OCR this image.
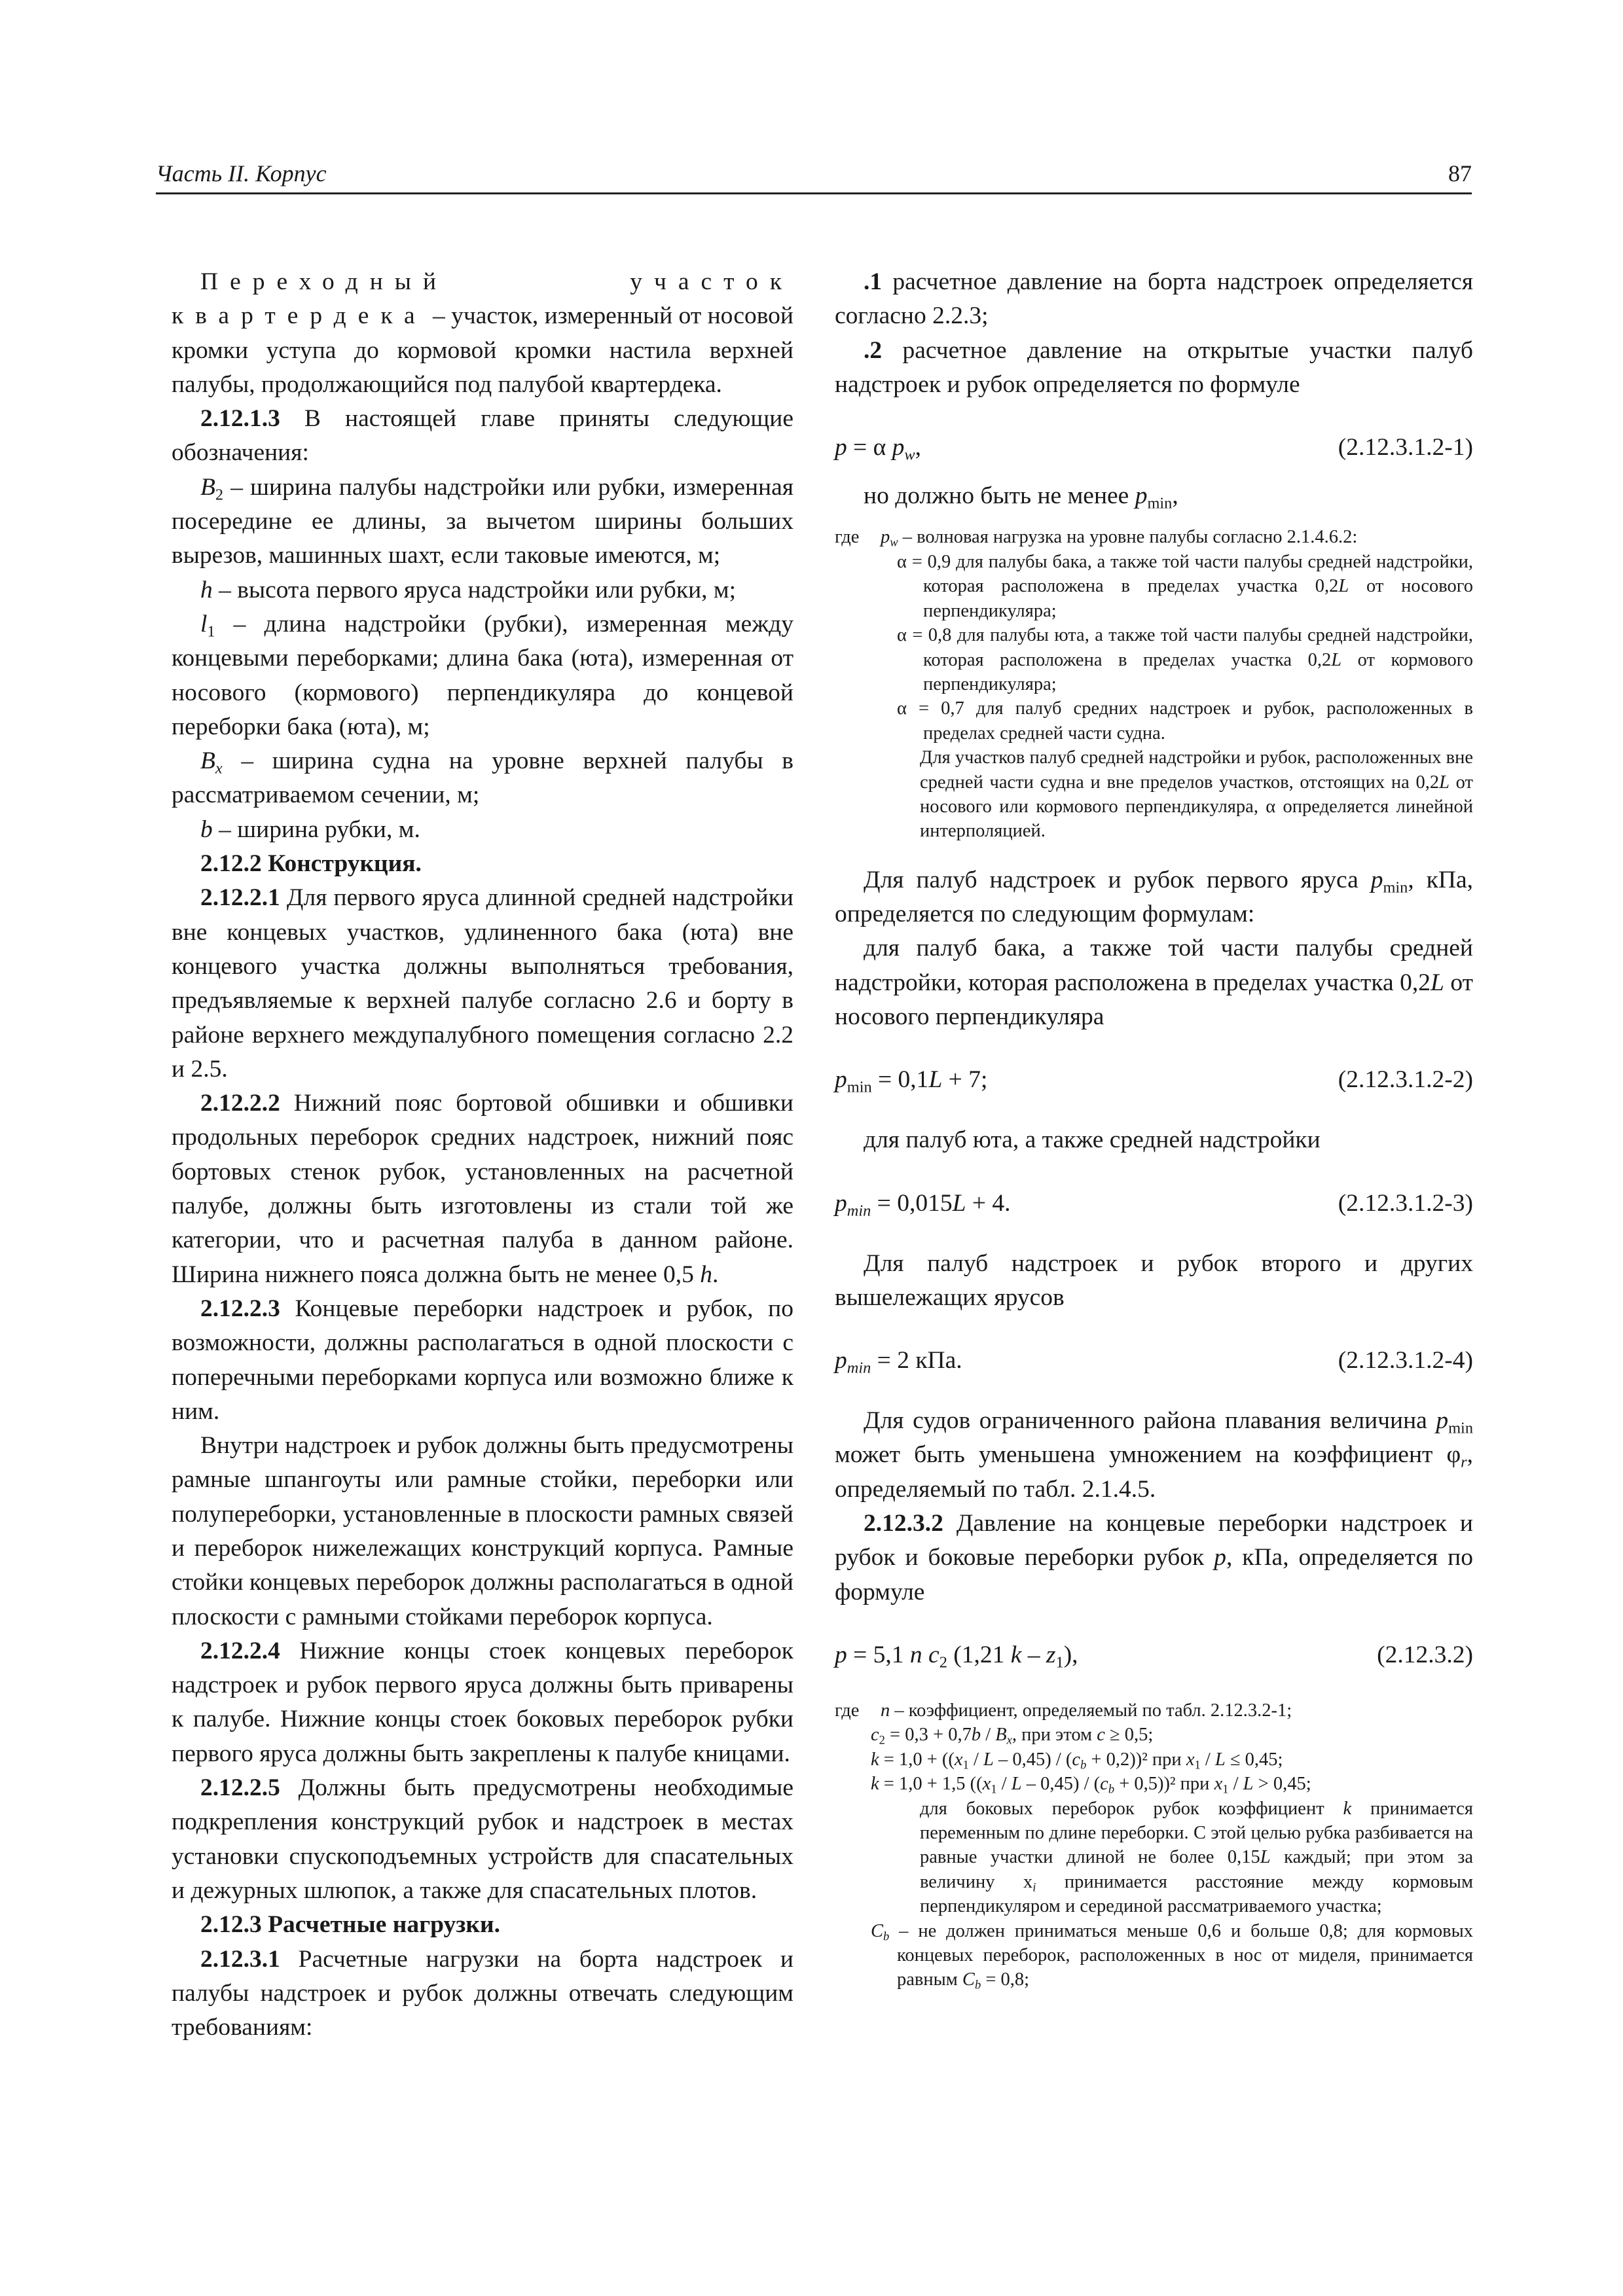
Часть II. Корпус	87

Переходный участок квартердека – участок, измеренный от носовой кромки уступа до кормовой кромки настила верхней палубы, продолжающийся под палубой квартердека.

2.12.1.3 В настоящей главе приняты следующие обозначения:

$B_2$ – ширина палубы надстройки или рубки, измеренная посередине ее длины, за вычетом ширины больших вырезов, машинных шахт, если таковые имеются, м;

h – высота первого яруса надстройки или рубки, м;

$l_1$ – длина надстройки (рубки), измеренная между концевыми переборками; длина бака (юта), измеренная от носового (кормового) перпендикуляра до концевой переборки бака (юта), м;

$B_x$ – ширина судна на уровне верхней палубы в рассматриваемом сечении, м;

b – ширина рубки, м.

2.12.2 Конструкция.

2.12.2.1 Для первого яруса длинной средней надстройки вне концевых участков, удлиненного бака (юта) вне концевого участка должны выполняться требования, предъявляемые к верхней палубе согласно 2.6 и борту в районе верхнего междупалубного помещения согласно 2.2 и 2.5.

2.12.2.2 Нижний пояс бортовой обшивки и обшивки продольных переборок средних надстроек, нижний пояс бортовых стенок рубок, установленных на расчетной палубе, должны быть изготовлены из стали той же категории, что и расчетная палуба в данном районе. Ширина нижнего пояса должна быть не менее 0,5 h.

2.12.2.3 Концевые переборки надстроек и рубок, по возможности, должны располагаться в одной плоскости с поперечными переборками корпуса или возможно ближе к ним.

Внутри надстроек и рубок должны быть предусмотрены рамные шпангоуты или рамные стойки, переборки или полупереборки, установленные в плоскости рамных связей и переборок нижележащих конструкций корпуса. Рамные стойки концевых переборок должны располагаться в одной плоскости с рамными стойками переборок корпуса.

2.12.2.4 Нижние концы стоек концевых переборок надстроек и рубок первого яруса должны быть приварены к палубе. Нижние концы стоек боковых переборок рубки первого яруса должны быть закреплены к палубе кницами.

2.12.2.5 Должны быть предусмотрены необходимые подкрепления конструкций рубок и надстроек в местах установки спускоподъемных устройств для спасательных и дежурных шлюпок, а также для спасательных плотов.

2.12.3 Расчетные нагрузки.

2.12.3.1 Расчетные нагрузки на борта надстроек и палубы надстроек и рубок должны отвечать следующим требованиям:

.1 расчетное давление на борта надстроек определяется согласно 2.2.3;

.2 расчетное давление на открытые участки палуб надстроек и рубок определяется по формуле

p = α $p_w$,	(2.12.3.1.2-1)

но должно быть не менее $p_{min}$,

где $p_w$ – волновая нагрузка на уровне палубы согласно 2.1.4.6.2:
α = 0,9 для палубы бака, а также той части палубы средней надстройки, которая расположена в пределах участка 0,2L от носового перпендикуляра;
α = 0,8 для палубы юта, а также той части палубы средней надстройки, которая расположена в пределах участка 0,2L от кормового перпендикуляра;
α = 0,7 для палуб средних надстроек и рубок, расположенных в пределах средней части судна.
Для участков палуб средней надстройки и рубок, расположенных вне средней части судна и вне пределов участков, отстоящих на 0,2L от носового или кормового перпендикуляра, α определяется линейной интерполяцией.

Для палуб надстроек и рубок первого яруса $p_{min}$, кПа, определяется по следующим формулам:

для палуб бака, а также той части палубы средней надстройки, которая расположена в пределах участка 0,2L от носового перпендикуляра

$p_{min} = 0,1L + 7$;	(2.12.3.1.2-2)

для палуб юта, а также средней надстройки

$p_{min} = 0,015L + 4$.	(2.12.3.1.2-3)

Для палуб надстроек и рубок второго и других вышележащих ярусов

$p_{min} = 2$ кПа.	(2.12.3.1.2-4)

Для судов ограниченного района плавания величина $p_{min}$ может быть уменьшена умножением на коэффициент $\varphi_r$, определяемый по табл. 2.1.4.5.

2.12.3.2 Давление на концевые переборки надстроек и рубок и боковые переборки рубок p, кПа, определяется по формуле

p = 5,1 n $c_2$ (1,21 k – $z_1$),	(2.12.3.2)
где n – коэффициент, определяемый по табл. 2.12.3.2-1;
$c_2 = 0,3 + 0,7b / B_x$, при этом c ≥ 0,5;
$k = 1,0 + ((x_1 / L - 0,45) / (c_b + 0,2))^2$ при $x_1 / L \le 0,45$;
k = 1,0 + 1,5 $((x_1 / L - 0,45) / (c_b + 0,5))^2$ при $x_1 / L > 0,45$;
для боковых переборок рубок коэффициент k принимается переменным по длине переборки. С этой целью рубка разбивается на равные участки длиной не более 0,15L каждый; при этом за величину $x_i$ принимается расстояние между кормовым перпендикуляром и серединой рассматриваемого участка;
$C_b$ – не должен приниматься меньше 0,6 и больше 0,8; для кормовых концевых переборок, расположенных в нос от миделя, принимается равным $C_b = 0,8$;
